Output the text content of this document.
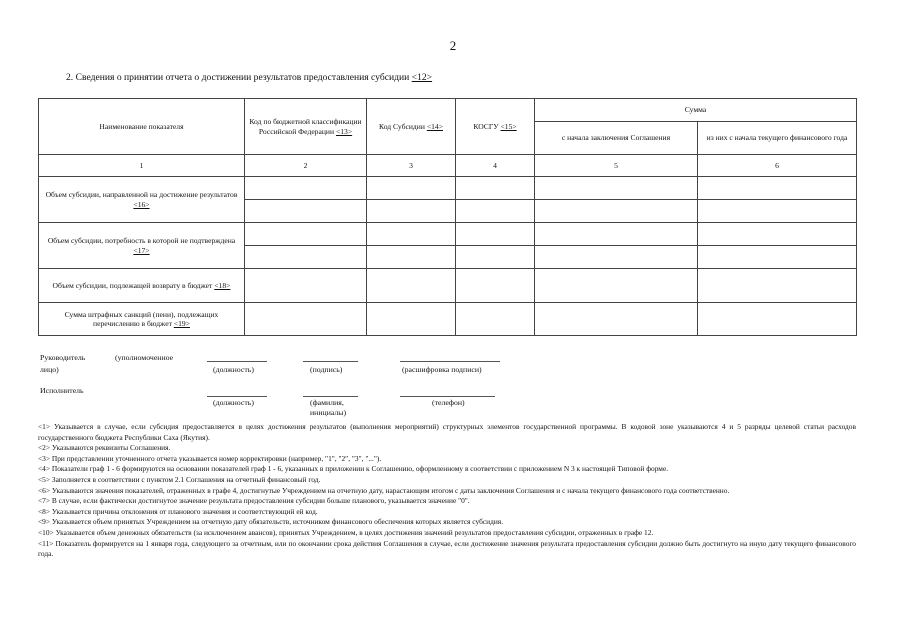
2
2. Сведения о принятии отчета о достижении результатов предоставления субсидии <12>
Наименование показателя	Код по бюджетной классификации Российской Федерации <13>	Код Субсидии <14>	КОСГУ <15>	Сумма	
				с начала заключения Соглашения	из них с начала текущего финансового года
1	2	3	4	5	6
Объем субсидии, направленной на достижение результатов <16>					

Объем субсидии, потребность в которой не подтверждена <17>					

Объем субсидии, подлежащей возврату в бюджет <18>					
Сумма штрафных санкций (пени), подлежащих перечислению в бюджет <19>					
Руководитель	(уполномоченное
лицо)	(должность)	(подпись)	(расшифровка подписи)
Исполнитель
(должность)	(фамилия,
инициалы)
(телефон)

<1> Указывается в случае, если субсидия предоставляется в целях достижения результатов (выполнения мероприятий) структурных элементов государственной программы. В кодовой зоне указываются 4 и 5 разряды целевой статьи расходов государственного бюджета Республики Саха (Якутия).

<2> Указываются реквизиты Соглашения.

<3> При представлении уточненного отчета указывается номер корректировки (например, "1", "2", "3", "...").

<4> Показатели граф 1 - 6 формируются на основании показателей граф 1 - 6, указанных в приложении к Соглашению, оформленному в соответствии с приложением N 3 к настоящей Типовой форме.

<5> Заполняется в соответствии с пунктом 2.1 Соглашения на отчетный финансовый год.

<6> Указываются значения показателей, отраженных в графе 4, достигнутые Учреждением на отчетную дату, нарастающим итогом с даты заключения Соглашения и с начала текущего финансового года соответственно.

<7> В случае, если фактически достигнутое значение результата предоставления субсидии больше планового, указывается значение "0".

<8> Указывается причина отклонения от планового значения и соответствующий ей код.

<9> Указывается объем принятых Учреждением на отчетную дату обязательств, источником финансового обеспечения которых является субсидия.

<10> Указывается объем денежных обязательств (за исключением авансов), принятых Учреждением, в целях достижения значений результатов предоставления субсидии, отраженных в графе 12.

<11> Показатель формируется на 1 января года, следующего за отчетным, или по окончании срока действия Соглашения в случае, если достижение значения результата предоставления субсидии должно быть достигнуто на иную дату текущего финансового года.
